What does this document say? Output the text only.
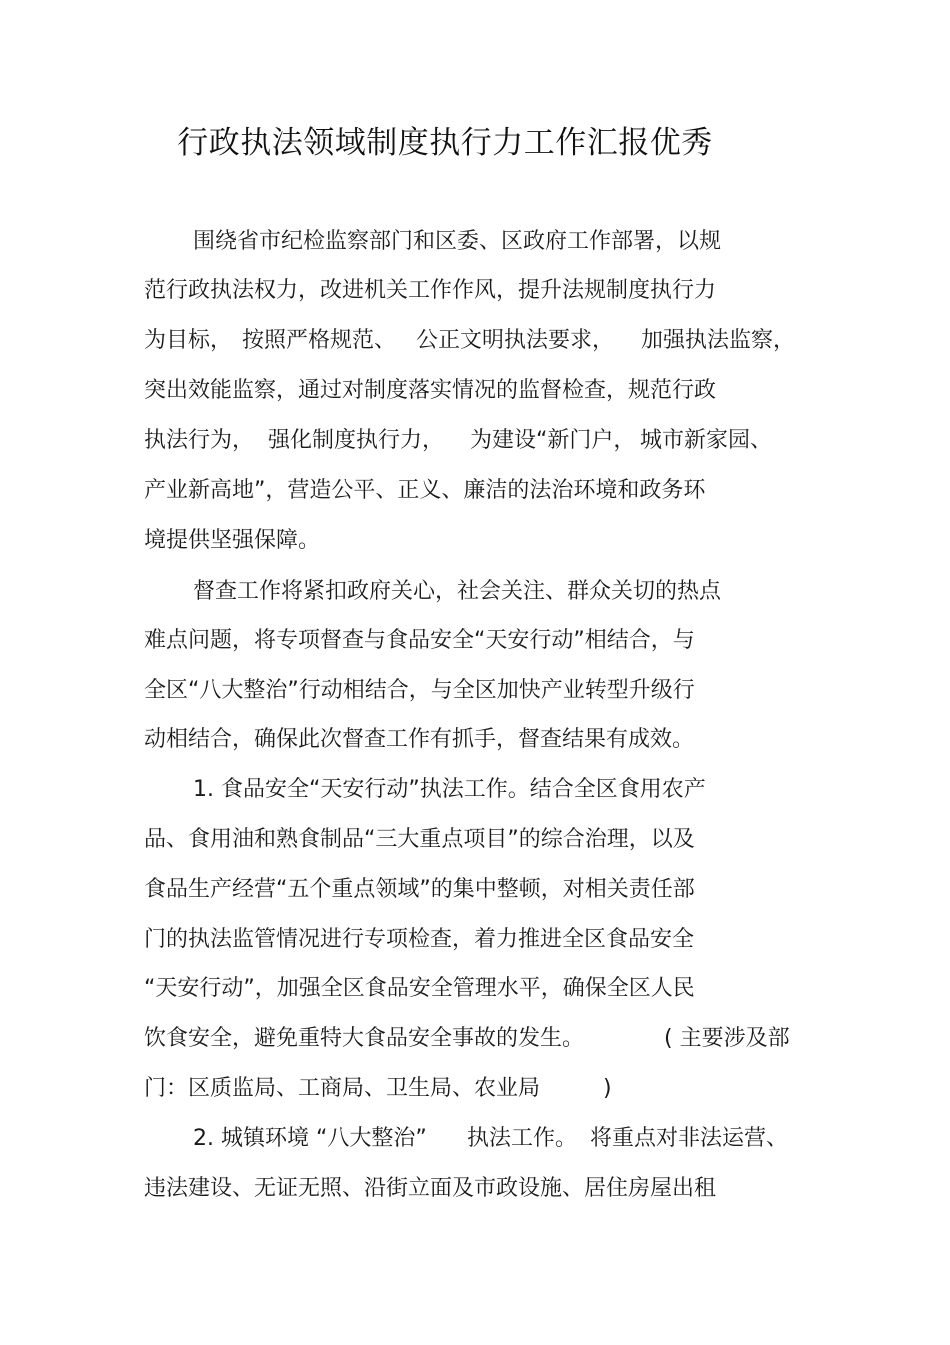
行政执法领域制度执行力工作汇报优秀
围绕省市纪检监察部门和区委、区政府工作部署，以规
范行政执法权力，改进机关工作作风，提升法规制度执行力
为目标， 按照严格规范、 公正文明执法要求， 加强执法监察，
突出效能监察，通过对制度落实情况的监督检查，规范行政
执法行为， 强化制度执行力， 为建设“新门户， 城市新家园、
产业新高地”，营造公平、正义、廉洁的法治环境和政务环
境提供坚强保障。
督查工作将紧扣政府关心，社会关注、群众关切的热点
难点问题，将专项督查与食品安全“天安行动”相结合，与
全区“八大整治”行动相结合，与全区加快产业转型升级行
动相结合，确保此次督查工作有抓手，督查结果有成效。
1. 食品安全“天安行动”执法工作。结合全区食用农产
品、食用油和熟食制品“三大重点项目”的综合治理，以及
食品生产经营“五个重点领域”的集中整顿，对相关责任部
门的执法监管情况进行专项检查，着力推进全区食品安全
“天安行动”，加强全区食品安全管理水平，确保全区人民
饮食安全，避免重特大食品安全事故的发生。	( 主要涉及部
门：区质监局、工商局、卫生局、农业局	)
2. 城镇环境 “八大整治” 执法工作。 将重点对非法运营、
违法建设、无证无照、沿街立面及市政设施、居住房屋出租
